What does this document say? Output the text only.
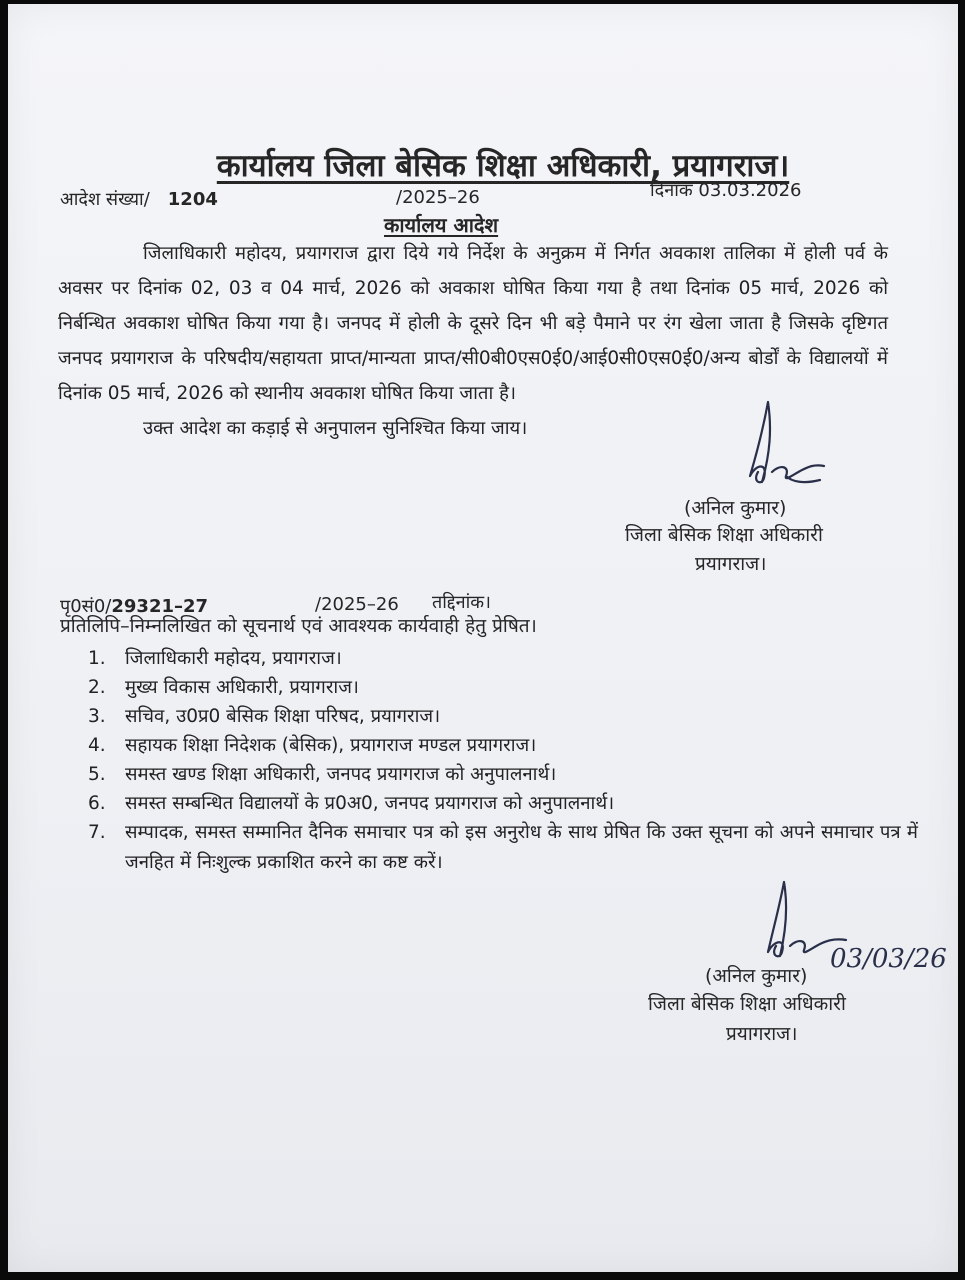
कार्यालय जिला बेसिक शिक्षा अधिकारी, प्रयागराज।
आदेश संख्या/ 1204	/2025–26	दिनांक 03.03.2026
कार्यालय आदेश

जिलाधिकारी महोदय, प्रयागराज द्वारा दिये गये निर्देश के अनुक्रम में निर्गत अवकाश तालिका में होली पर्व के अवसर पर दिनांक 02, 03 व 04 मार्च, 2026 को अवकाश घोषित किया गया है तथा दिनांक 05 मार्च, 2026 को निर्बन्धित अवकाश घोषित किया गया है। जनपद में होली के दूसरे दिन भी बड़े पैमाने पर रंग खेला जाता है जिसके दृष्टिगत जनपद प्रयागराज के परिषदीय/सहायता प्राप्त/मान्यता प्राप्त/सी0बी0एस0ई0/आई0सी0एस0ई0/अन्य बोर्डों के विद्यालयों में दिनांक 05 मार्च, 2026 को स्थानीय अवकाश घोषित किया जाता है।

उक्त आदेश का कड़ाई से अनुपालन सुनिश्चित किया जाय।

(अनिल कुमार)
जिला बेसिक शिक्षा अधिकारी
प्रयागराज।
पृ0सं0/29321–27	/2025–26 तद्दिनांक।
प्रतिलिपि–निम्नलिखित को सूचनार्थ एवं आवश्यक कार्यवाही हेतु प्रेषित।
1. जिलाधिकारी महोदय, प्रयागराज।
2. मुख्य विकास अधिकारी, प्रयागराज।
3. सचिव, उ0प्र0 बेसिक शिक्षा परिषद, प्रयागराज।
4. सहायक शिक्षा निदेशक (बेसिक), प्रयागराज मण्डल प्रयागराज।
5. समस्त खण्ड शिक्षा अधिकारी, जनपद प्रयागराज को अनुपालनार्थ।
6. समस्त सम्बन्धित विद्यालयों के प्र0अ0, जनपद प्रयागराज को अनुपालनार्थ।
7. सम्पादक, समस्त सम्मानित दैनिक समाचार पत्र को इस अनुरोध के साथ प्रेषित कि उक्त सूचना को अपने समाचार पत्र में जनहित में निःशुल्क प्रकाशित करने का कष्ट करें।
(अनिल कुमार)
03/03/26
जिला बेसिक शिक्षा अधिकारी
प्रयागराज।
